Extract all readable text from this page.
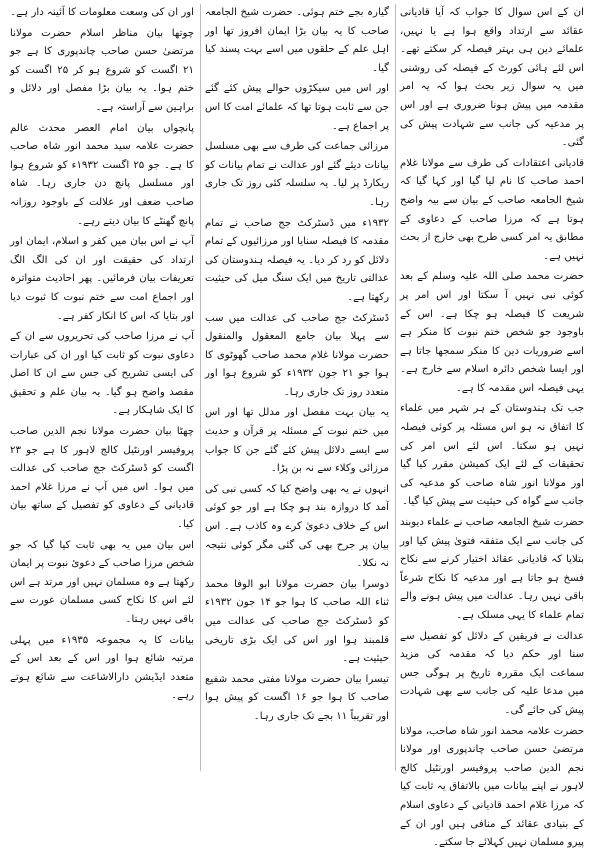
ان کے اس سوال کا جواب کہ آیا قادیانی عقائد سے ارتداد واقع ہوا ہے یا نہیں، علمائے دین ہی بہتر فیصلہ کر سکتے تھے۔ اس لئے ہائی کورٹ کے فیصلہ کی روشنی میں یہ سوال زیر بحث ہوا کہ یہ امر مقدمہ میں پیش ہونا ضروری ہے اور اس پر مدعیہ کی جانب سے شہادت پیش کی گئی۔

قادیانی اعتقادات کی طرف سے مولانا غلام احمد صاحب کا نام لیا گیا اور کہا گیا کہ شیخ الجامعہ صاحب کے بیان سے بیہ واضح ہوتا ہے کہ مرزا صاحب کے دعاوی کے مطابق یہ امر کسی طرح بھی خارج از بحث نہیں ہے۔

حضرت محمد صلی اللہ علیہ وسلم کے بعد کوئی نبی نہیں آ سکتا اور اس امر پر شریعت کا فیصلہ ہو چکا ہے۔ اس کے باوجود جو شخص ختم نبوت کا منکر ہے اسے ضروریات دین کا منکر سمجھا جاتا ہے اور ایسا شخص دائرہ اسلام سے خارج ہے۔ یہی فیصلہ اس مقدمہ کا ہے۔

جب تک ہندوستان کے ہر شہر میں علماء کا اتفاق نہ ہو اس مسئلہ پر کوئی فیصلہ نہیں ہو سکتا۔ اس لئے اس امر کی تحقیقات کے لئے ایک کمیشن مقرر کیا گیا اور مولانا انور شاہ صاحب کو مدعیہ کی جانب سے گواہ کی حیثیت سے پیش کیا گیا۔

حضرت شیخ الجامعہ صاحب نے علماء دیوبند کی جانب سے ایک متفقہ فتویٰ پیش کیا اور بتلایا کہ قادیانی عقائد اختیار کرنے سے نکاح فسخ ہو جاتا ہے اور مدعیہ کا نکاح شرعاً باقی نہیں رہا۔ عدالت میں پیش ہونے والے تمام علماء کا یہی مسلک ہے۔

عدالت نے فریقین کے دلائل کو تفصیل سے سنا اور حکم دیا کہ مقدمہ کی مزید سماعت ایک مقررہ تاریخ پر ہوگی جس میں مدعا علیہ کی جانب سے بھی شہادت پیش کی جائے گی۔

حضرت علامہ محمد انور شاہ صاحب، مولانا مرتضیٰ حسن صاحب چاندپوری اور مولانا نجم الدین صاحب پروفیسر اورنٹیل کالج لاہور نے اپنے بیانات میں بالاتفاق یہ ثابت کیا کہ مرزا غلام احمد قادیانی کے دعاوی اسلام کے بنیادی عقائد کے منافی ہیں اور ان کے پیرو مسلمان نہیں کہلائے جا سکتے۔

گیارہ بجے ختم ہوئی۔ حضرت شیخ الجامعہ صاحب کا یہ بیان بڑا ایمان افروز تھا اور اہل علم کے حلقوں میں اسے بہت پسند کیا گیا۔

اور اس میں سیکڑوں حوالے پیش کئے گئے جن سے ثابت ہوتا تھا کہ علمائے امت کا اس پر اجماع ہے۔

مرزائی جماعت کی طرف سے بھی مسلسل بیانات دیئے گئے اور عدالت نے تمام بیانات کو ریکارڈ پر لیا۔ یہ سلسلہ کئی روز تک جاری رہا۔

۱۹۳۲ء میں ڈسٹرکٹ جج صاحب نے تمام مقدمہ کا فیصلہ سنایا اور مرزائیوں کے تمام دلائل کو رد کر دیا۔ یہ فیصلہ ہندوستان کی عدالتی تاریخ میں ایک سنگ میل کی حیثیت رکھتا ہے۔

ڈسٹرکٹ جج صاحب کی عدالت میں سب سے پہلا بیان جامع المعقول والمنقول حضرت مولانا غلام محمد صاحب گھوٹوی کا ہوا جو ۲۱ جون ۱۹۳۲ء کو شروع ہوا اور متعدد روز تک جاری رہا۔

یہ بیان بہت مفصل اور مدلل تھا اور اس میں ختم نبوت کے مسئلہ پر قرآن و حدیث سے ایسے دلائل پیش کئے گئے جن کا جواب مرزائی وکلاء سے نہ بن پڑا۔

انہوں نے یہ بھی واضح کیا کہ کسی نبی کی آمد کا دروازہ بند ہو چکا ہے اور جو کوئی اس کے خلاف دعویٰ کرے وہ کاذب ہے۔ اس بیان پر جرح بھی کی گئی مگر کوئی نتیجہ نہ نکلا۔

دوسرا بیان حضرت مولانا ابو الوفا محمد ثناء اللہ صاحب کا ہوا جو ۱۴ جون ۱۹۳۲ء کو ڈسٹرکٹ جج صاحب کی عدالت میں قلمبند ہوا اور اس کی ایک بڑی تاریخی حیثیت ہے۔

تیسرا بیان حضرت مولانا مفتی محمد شفیع صاحب کا ہوا جو ۱۶ اگست کو پیش ہوا اور تقریباً ۱۱ بجے تک جاری رہا۔

اور ان کی وسعت معلومات کا آئینہ دار ہے۔

چوتھا بیان مناظر اسلام حضرت مولانا مرتضیٰ حسن صاحب چاندپوری کا ہے جو ۲۱ اگست کو شروع ہو کر ۲۵ اگست کو ختم ہوا۔ یہ بیان بڑا مفصل اور دلائل و براہین سے آراستہ ہے۔

پانچواں بیان امام العصر محدث عالم حضرت علامہ سید محمد انور شاہ صاحب کا ہے۔ جو ۲۵ اگست ۱۹۳۲ء کو شروع ہوا اور مسلسل پانچ دن جاری رہا۔ شاہ صاحب ضعف اور علالت کے باوجود روزانہ پانچ گھنٹے کا بیان دیتے رہے۔

آپ نے اس بیان میں کفر و اسلام، ایمان اور ارتداد کی حقیقت اور ان کی الگ الگ تعریفات بیان فرمائیں۔ پھر احادیث متواترہ اور اجماع امت سے ختم نبوت کا ثبوت دیا اور بتایا کہ اس کا انکار کفر ہے۔

آپ نے مرزا صاحب کی تحریروں سے ان کے دعاوی نبوت کو ثابت کیا اور ان کی عبارات کی ایسی تشریح کی جس سے ان کا اصل مقصد واضح ہو گیا۔ یہ بیان علم و تحقیق کا ایک شاہکار ہے۔

چھٹا بیان حضرت مولانا نجم الدین صاحب پروفیسر اورنٹیل کالج لاہور کا ہے جو ۲۳ اگست کو ڈسٹرکٹ جج صاحب کی عدالت میں ہوا۔ اس میں آپ نے مرزا غلام احمد قادیانی کے دعاوی کو تفصیل کے ساتھ بیان کیا۔

اس بیان میں یہ بھی ثابت کیا گیا کہ جو شخص مرزا صاحب کے دعوئ نبوت پر ایمان رکھتا ہے وہ مسلمان نہیں اور مرتد ہے اس لئے اس کا نکاح کسی مسلمان عورت سے باقی نہیں رہتا۔

بیانات کا یہ مجموعہ ۱۹۳۵ء میں پہلی مرتبہ شائع ہوا اور اس کے بعد اس کے متعدد ایڈیشن دارالاشاعت سے شائع ہوتے رہے۔
